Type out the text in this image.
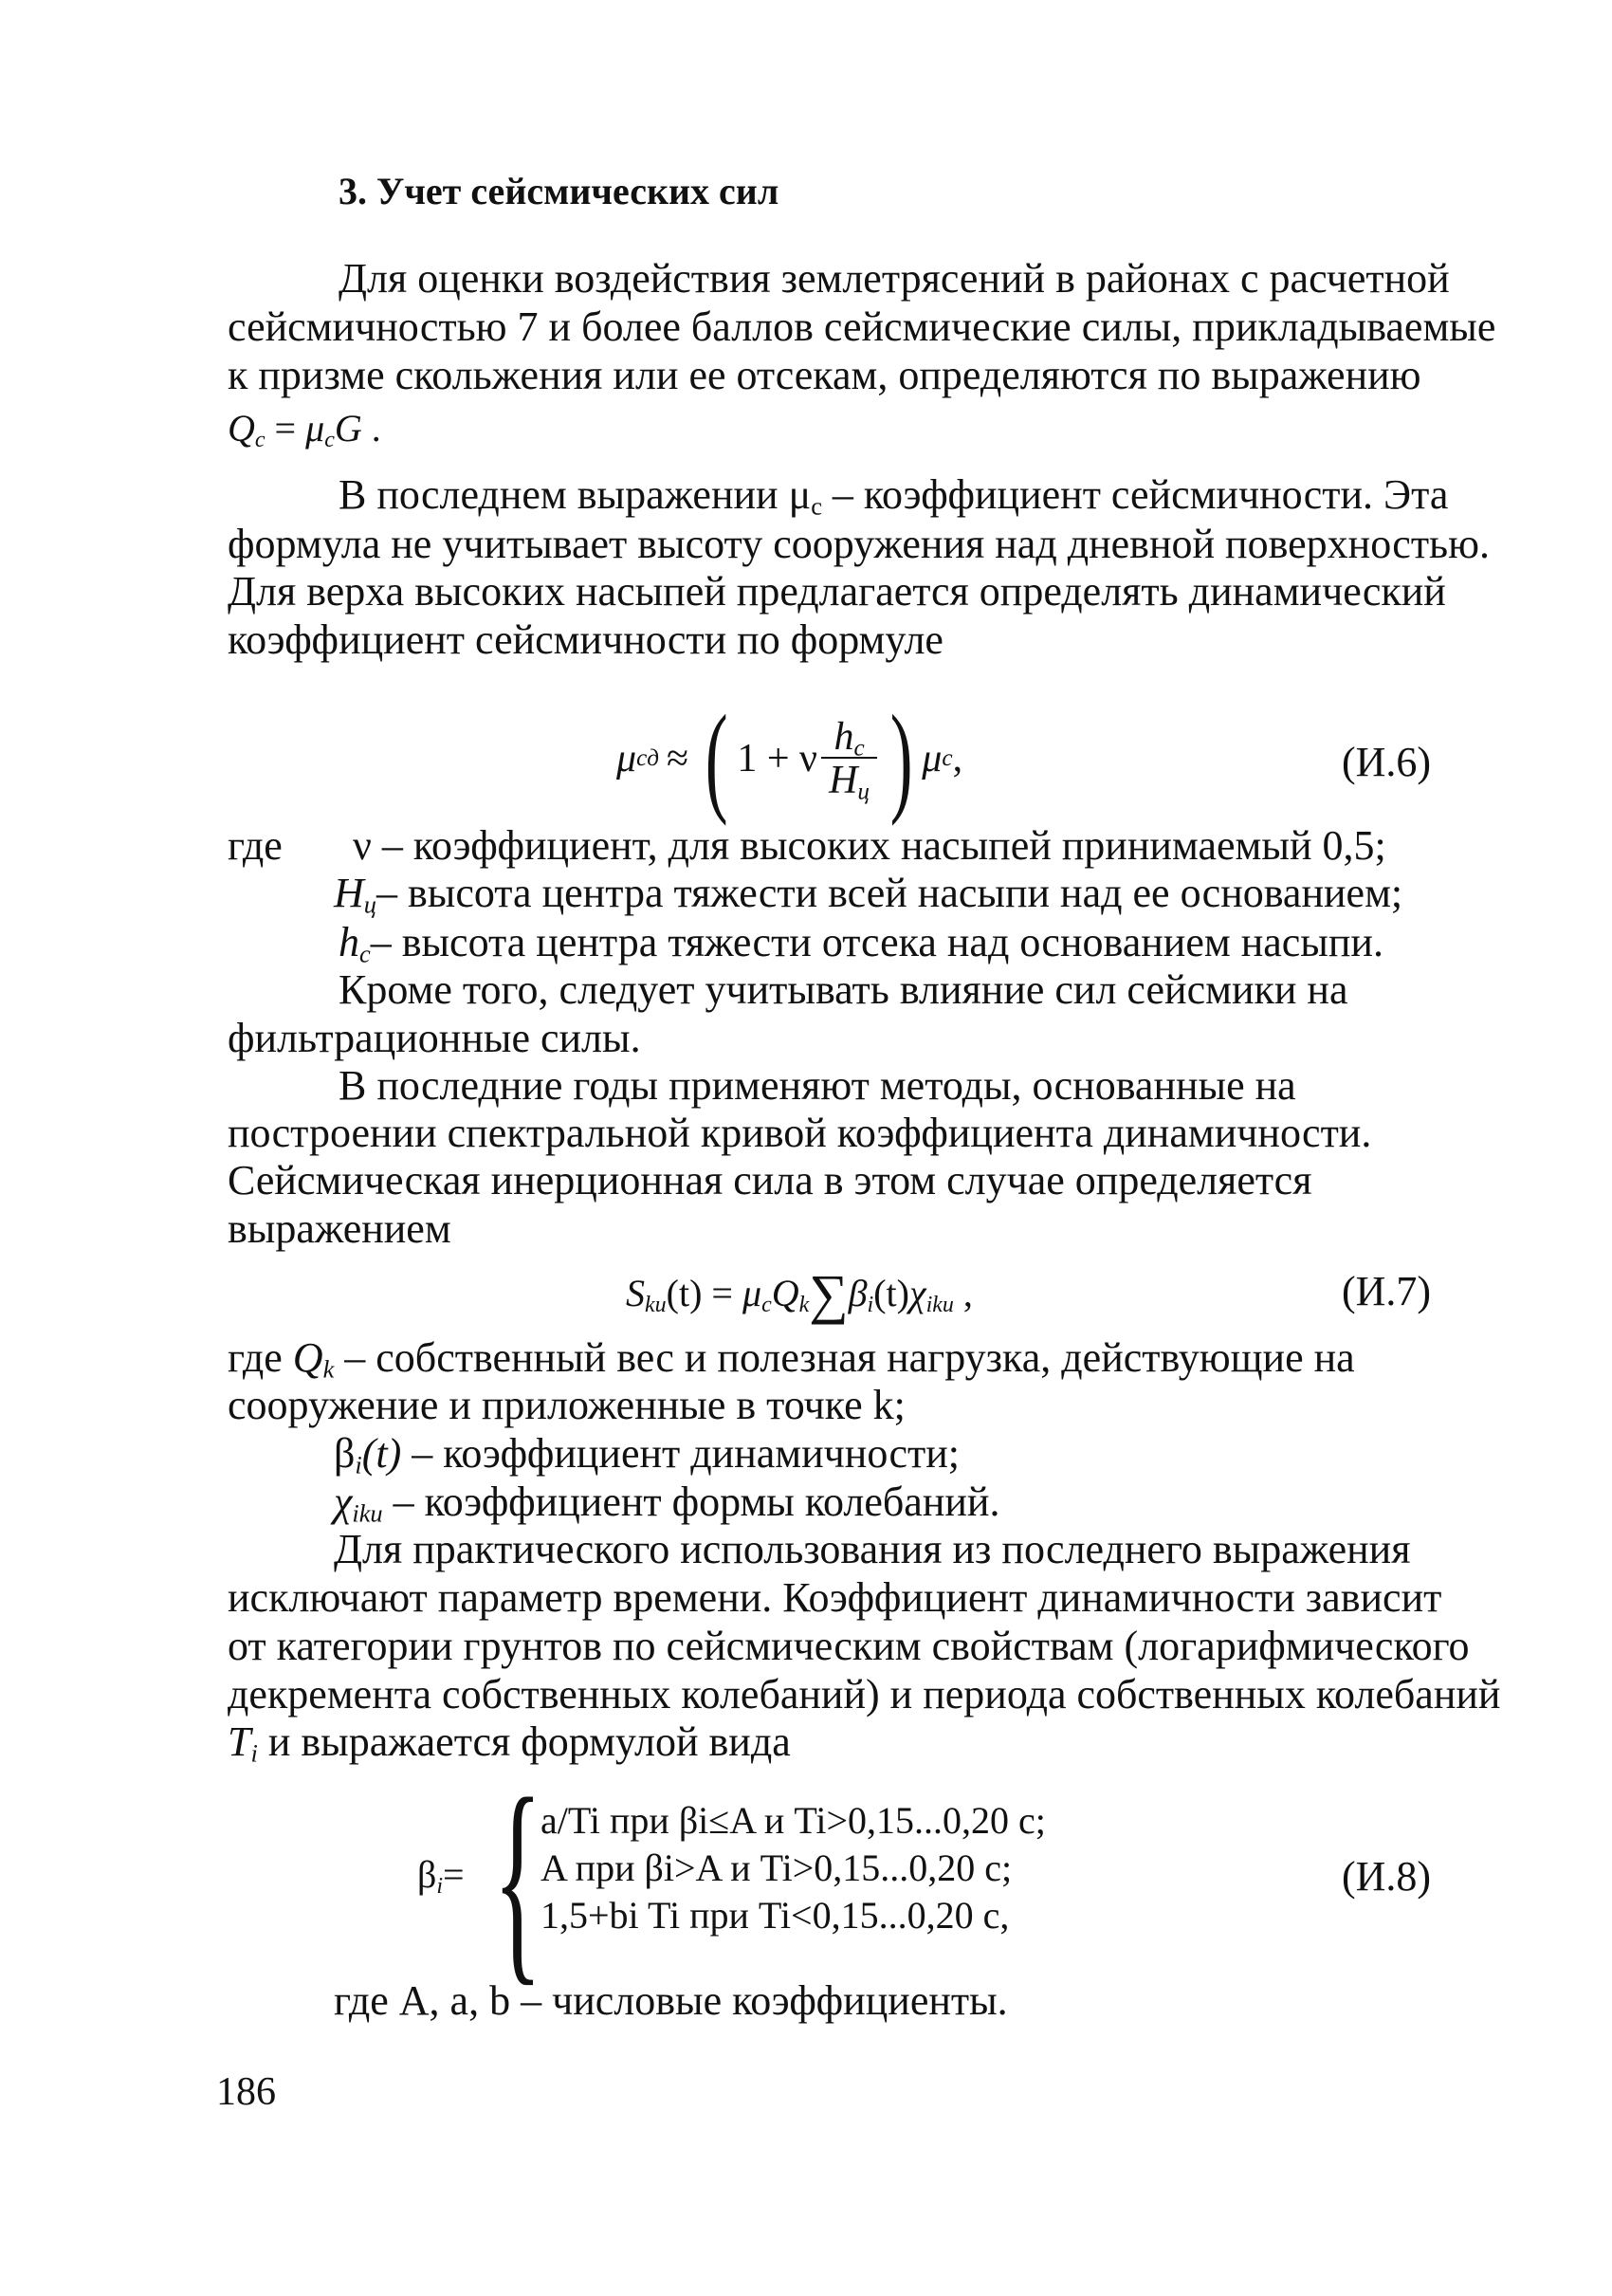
3. Учет сейсмических сил
Для оценки воздействия землетрясений в районах с расчетной
сейсмичностью 7 и более баллов сейсмические силы, прикладываемые
к призме скольжения или ее отсекам, определяются по выражению
$Q_c = \mu_cG$ .
В последнем выражении $\mu_c$ – коэффициент сейсмичности. Эта
формула не учитывает высоту сооружения над дневной поверхностью.
Для верха высоких насыпей предлагается определять динамический
коэффициент сейсмичности по формуле
μ cд ≈ ( 1 + ν $\frac{h_c}{H_ц}$ ) μ c ,	(И.6)
где ν – коэффициент, для высоких насыпей принимаемый 0,5;
$H_ц-$ высота центра тяжести всей насыпи над ее основанием;
$h_c-$ высота центра тяжести отсека над основанием насыпи.
Кроме того, следует учитывать влияние сил сейсмики на
фильтрационные силы.
В последние годы применяют методы, основанные на
построении спектральной кривой коэффициента динамичности.
Сейсмическая инерционная сила в этом случае определяется
выражением
$S_{kи}(t) = \mu_cQ_k\sum\beta_i(t)\chi_{ikи}$ ,	(И.7)
где $Q_k$ – собственный вес и полезная нагрузка, действующие на
сооружение и приложенные в точке k;
$\beta_i(t)$ – коэффициент динамичности;
$\chi_{ikи}$ – коэффициент формы колебаний.
Для практического использования из последнего выражения
исключают параметр времени. Коэффициент динамичности зависит
от категории грунтов по сейсмическим свойствам (логарифмического
декремента собственных колебаний) и периода собственных колебаний
$T_i$ и выражается формулой вида
$\beta_i=$ {
a/Ti при βi≤A и Ti>0,15...0,20 c;
A при βi>A и Ti>0,15...0,20 c;
1,5+bi Ti при Ti<0,15...0,20 c,
(И.8)
где A, a, b – числовые коэффициенты.
186
